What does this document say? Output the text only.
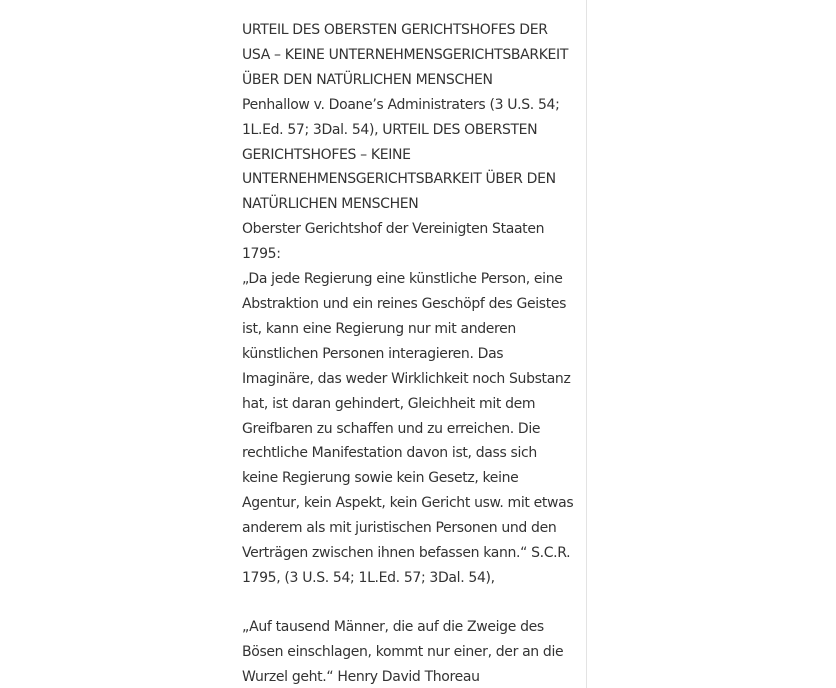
URTEIL DES OBERSTEN GERICHTSHOFES DER USA – KEINE UNTERNEHMENSGERICHTSBARKEIT ÜBER DEN NATÜRLICHEN MENSCHEN

Penhallow v. Doane’s Administraters (3 U.S. 54; 1L.Ed. 57; 3Dal. 54), URTEIL DES OBERSTEN GERICHTSHOFES – KEINE UNTERNEHMENSGERICHTSBARKEIT ÜBER DEN NATÜRLICHEN MENSCHEN

Oberster Gerichtshof der Vereinigten Staaten 1795:

„Da jede Regierung eine künstliche Person, eine Abstraktion und ein reines Geschöpf des Geistes ist, kann eine Regierung nur mit anderen künstlichen Personen interagieren. Das Imaginäre, das weder Wirklichkeit noch Substanz hat, ist daran gehindert, Gleichheit mit dem Greifbaren zu schaffen und zu erreichen. Die rechtliche Manifestation davon ist, dass sich keine Regierung sowie kein Gesetz, keine Agentur, kein Aspekt, kein Gericht usw. mit etwas anderem als mit juristischen Personen und den Verträgen zwischen ihnen befassen kann.“ S.C.R. 1795, (3 U.S. 54; 1L.Ed. 57; 3Dal. 54),

„Auf tausend Männer, die auf die Zweige des Bösen einschlagen, kommt nur einer, der an die Wurzel geht.“ Henry David Thoreau
